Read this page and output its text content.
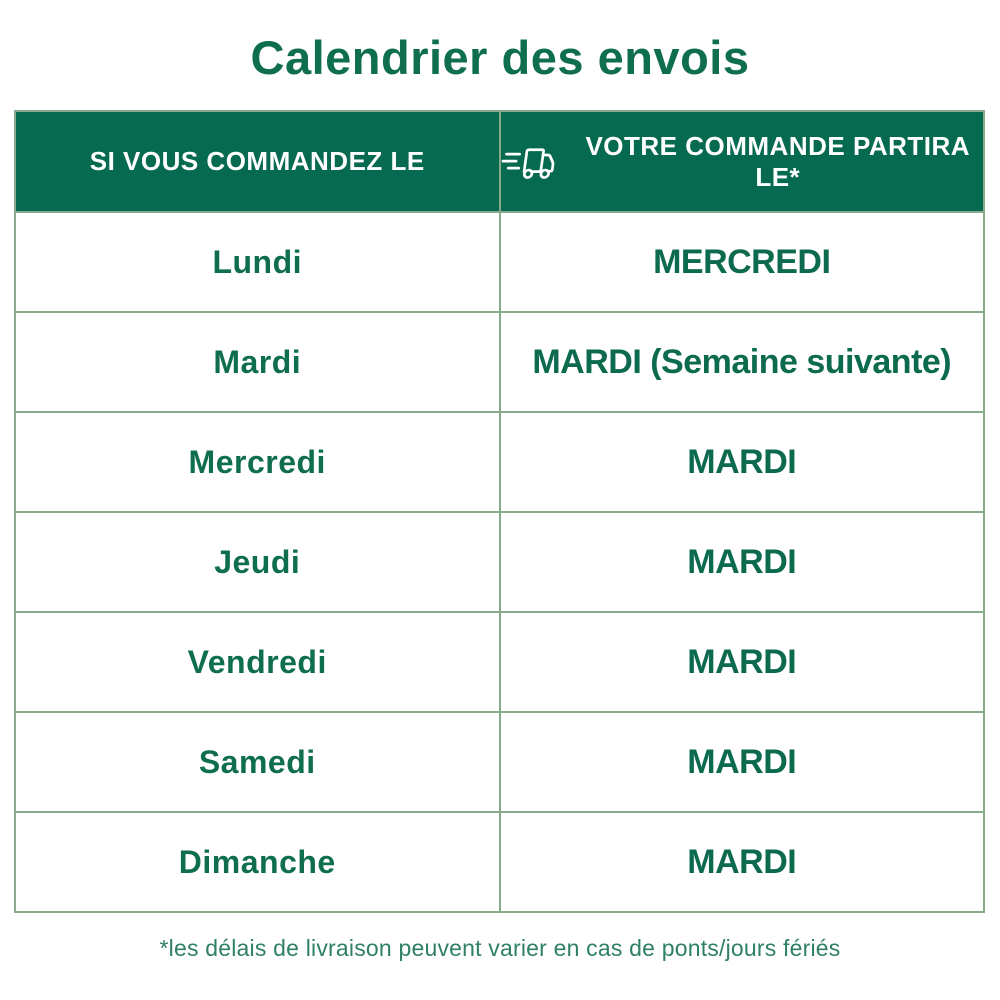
Calendrier des envois
SI VOUS COMMANDEZ LE	VOTRE COMMANDE PARTIRA LE*

Lundi	MERCREDI
Mardi	MARDI (Semaine suivante)
Mercredi	MARDI
Jeudi	MARDI
Vendredi	MARDI
Samedi	MARDI
Dimanche	MARDI
*les délais de livraison peuvent varier en cas de ponts/jours fériés
